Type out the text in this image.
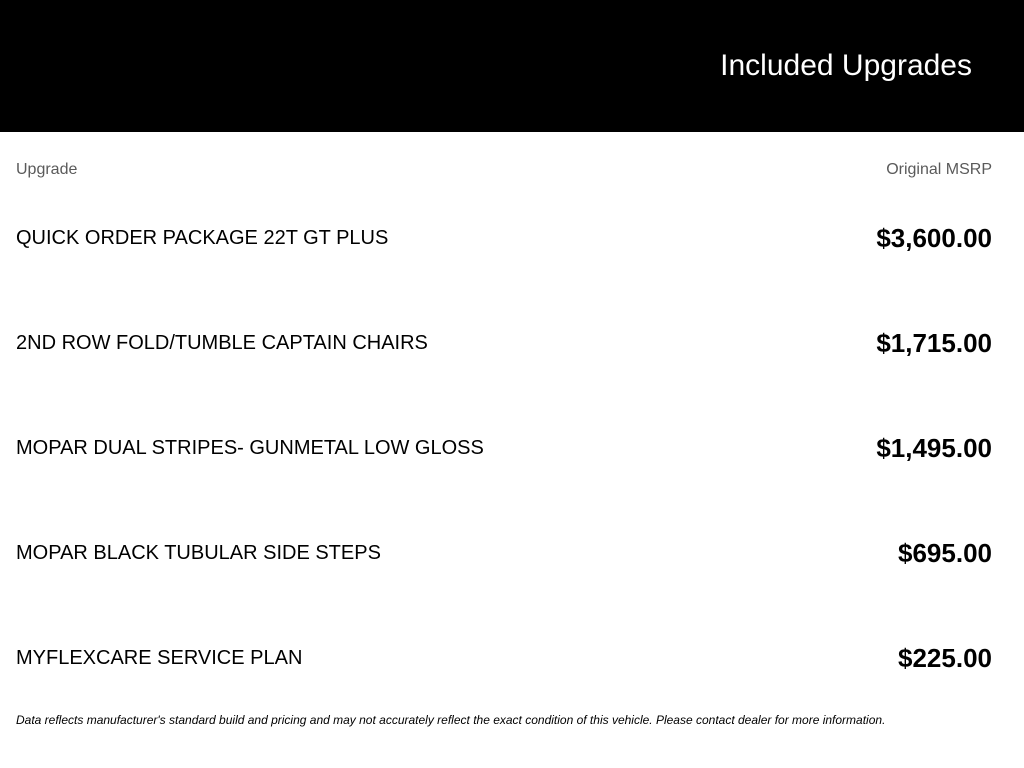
Included Upgrades
Upgrade	Original MSRP
QUICK ORDER PACKAGE 22T GT PLUS	$3,600.00
2ND ROW FOLD/TUMBLE CAPTAIN CHAIRS	$1,715.00
MOPAR DUAL STRIPES- GUNMETAL LOW GLOSS	$1,495.00
MOPAR BLACK TUBULAR SIDE STEPS	$695.00
MYFLEXCARE SERVICE PLAN	$225.00

Data reflects manufacturer's standard build and pricing and may not accurately reflect the exact condition of this vehicle. Please contact dealer for more information.
